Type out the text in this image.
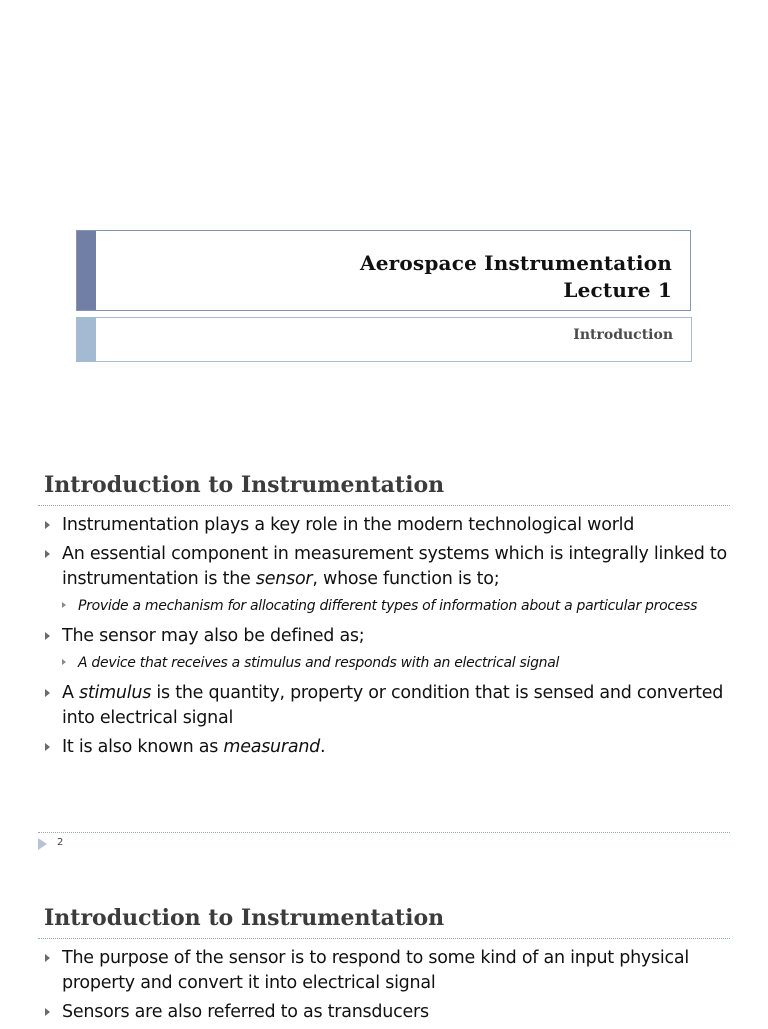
Aerospace Instrumentation
Lecture 1
Introduction
Introduction to Instrumentation
Instrumentation plays a key role in the modern technological world
An essential component in measurement systems which is integrally linked to
instrumentation is the sensor, whose function is to;
Provide a mechanism for allocating different types of information about a particular process
The sensor may also be defined as;
A device that receives a stimulus and responds with an electrical signal
A stimulus is the quantity, property or condition that is sensed and converted
into electrical signal
It is also known as measurand.
2
Introduction to Instrumentation
The purpose of the sensor is to respond to some kind of an input physical
property and convert it into electrical signal
Sensors are also referred to as transducers
